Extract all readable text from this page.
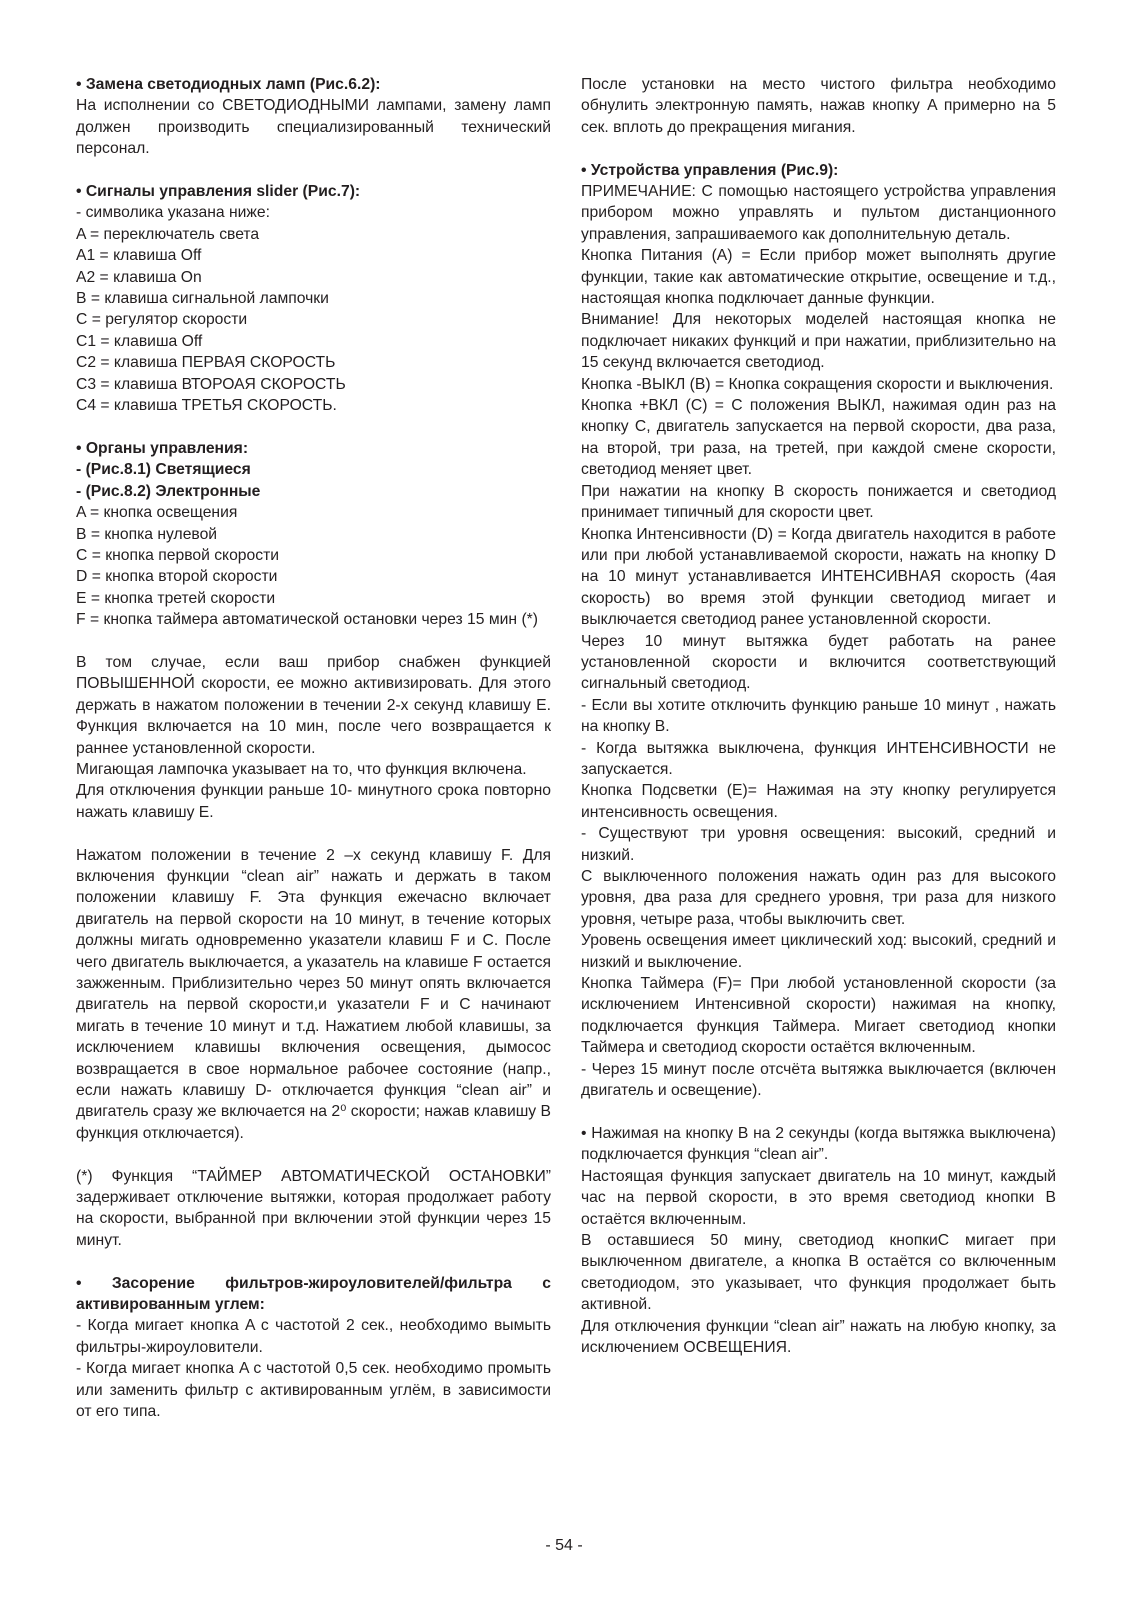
• Замена светодиодных ламп (Рис.6.2):

На исполнении со СВЕТОДИОДНЫМИ лампами, замену ламп должен производить специализированный технический персонал.

• Сигналы управления slider (Рис.7):

- символика указана ниже:

A = переключатель света

A1 = клавиша Off

A2 = клавиша On

B = клавиша сигнальной лампочки

C = регулятор скорости

C1 = клавиша Off

C2 = клавиша ПЕРВАЯ СКОРОСТЬ

C3 = клавиша ВТОРОАЯ СКОРОСТЬ

C4 = клавиша ТРЕТЬЯ СКОРОСТЬ.

• Органы управления:

- (Рис.8.1) Светящиеся

- (Рис.8.2) Электронные

A = кнопка освещения

B = кнопка нулевой

C = кнопка первой скорости

D = кнопка второй скорости

E = кнопка третей скорости

F = кнопка таймера автоматической остановки через 15 мин (*)

В том случае, если ваш прибор снабжен функцией ПОВЫШЕННОЙ скорости, ее можно активизировать. Для этого держать в нажатом положении в течении 2-х секунд клавишу E. Функция включается на 10 мин, после чего возвращается к раннее установленной скорости.

Мигающая лампочка указывает на то, что функция включена.

Для отключения функции раньше 10- минутного срока повторно нажать клавишу E.

Нажатом положении в течение 2 –х секунд клавишу F. Для включения функции “clean air” нажать и держать в таком положении клавишу F. Эта функция ежечасно включает двигатель на первой скорости на 10 минут, в течение которых должны мигать одновременно указатели клавиш F и C. После чего двигатель выключается, а указатель на клавише F остается зажженным. Приблизительно через 50 минут опять включается двигатель на первой скорости,и указатели F и C начинают мигать в течение 10 минут и т.д. Нажатием любой клавишы, за исключением клавишы включения освещения, дымосос возвращается в свое нормальное рабочее состояние (напр., если нажать клавишу D- отключается функция “clean air” и двигатель сразу же включается на 2⁰ скорости; нажав клавишу B функция отключается).

(*) Функция “ТАЙМЕР АВТОМАТИЧЕСКОЙ ОСТАНОВКИ” задерживает отключение вытяжки, которая продолжает работу на скорости, выбранной при включении этой функции через 15 минут.

• Засорение фильтров-жироуловителей/фильтра с активированным углем:

- Когда мигает кнопка A с частотой 2 сек., необходимо вымыть фильтры-жироуловители.

- Когда мигает кнопка A с частотой 0,5 сек. необходимо промыть или заменить фильтр с активированным углём, в зависимости от его типа.

После установки на место чистого фильтра необходимо обнулить электронную память, нажав кнопку A примерно на 5 сек. вплоть до прекращения мигания.

• Устройства управления (Рис.9):

ПРИМЕЧАНИЕ: С помощью настоящего устройства управления прибором можно управлять и пультом дистанционного управления, запрашиваемого как дополнительную деталь.

Кнопка Питания (A) = Если прибор может выполнять другие функции, такие как автоматические открытие, освещение и т.д., настоящая кнопка подключает данные функции.

Внимание! Для некоторых моделей настоящая кнопка не подключает никаких функций и при нажатии, приблизительно на 15 секунд включается светодиод.

Кнопка -ВЫКЛ (B) = Кнопка сокращения скорости и выключения.

Кнопка +ВКЛ (C) = С положения ВЫКЛ, нажимая один раз на кнопку C, двигатель запускается на первой скорости, два раза, на второй, три раза, на третей, при каждой смене скорости, светодиод меняет цвет.

При нажатии на кнопку B скорость понижается и светодиод принимает типичный для скорости цвет.

Кнопка Интенсивности (D) = Когда двигатель находится в работе или при любой устанавливаемой скорости, нажать на кнопку D на 10 минут устанавливается ИНТЕНСИВНАЯ скорость (4ая скорость) во время этой функции светодиод мигает и выключается светодиод ранее установленной скорости.

Через 10 минут вытяжка будет работать на ранее установленной скорости и включится соответствующий сигнальный светодиод.

- Если вы хотите отключить функцию раньше 10 минут , нажать на кнопку B.

- Когда вытяжка выключена, функция ИНТЕНСИВНОСТИ не запускается.

Кнопка Подсветки (E)= Нажимая на эту кнопку регулируется интенсивность освещения.

- Существуют три уровня освещения: высокий, средний и низкий.

С выключенного положения нажать один раз для высокого уровня, два раза для среднего уровня, три раза для низкого уровня, четыре раза, чтобы выключить свет.

Уровень освещения имеет циклический ход: высокий, средний и низкий и выключение.

Кнопка Таймера (F)= При любой установленной скорости (за исключением Интенсивной скорости) нажимая на кнопку, подключается функция Таймера. Мигает светодиод кнопки Таймера и светодиод скорости остаётся включенным.

- Через 15 минут после отсчёта вытяжка выключается (включен двигатель и освещение).

• Нажимая на кнопку B на 2 секунды (когда вытяжка выключена) подключается функция “clean air”.

Настоящая функция запускает двигатель на 10 минут, каждый час на первой скорости, в это время светодиод кнопки B остаётся включенным.

В оставшиеся 50 мину, светодиод кнопкиC мигает при выключенном двигателе, а кнопка B остаётся со включенным светодиодом, это указывает, что функция продолжает быть активной.

Для отключения функции “clean air” нажать на любую кнопку, за исключением ОСВЕЩЕНИЯ.

- 54 -
